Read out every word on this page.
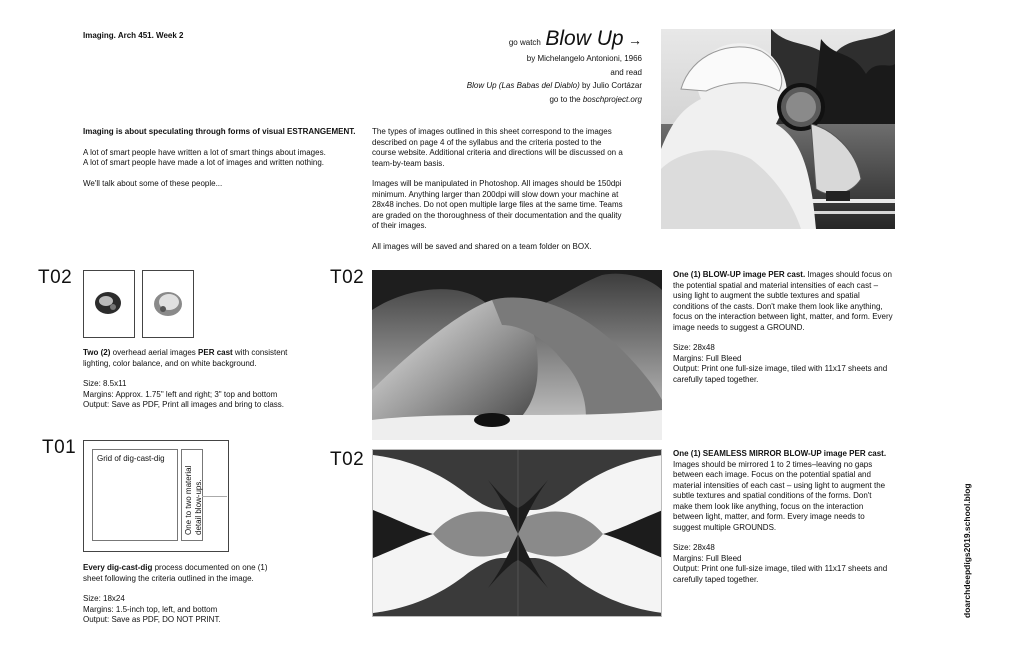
Imaging. Arch 451. Week 2
go watch Blow Up →
by Michelangelo Antonioni, 1966
and read
Blow Up (Las Babas del Diablo) by Julio Cortázar
go to the boschproject.org

Imaging is about speculating through forms of visual ESTRANGEMENT.

A lot of smart people have written a lot of smart things about images.

A lot of smart people have made a lot of images and written nothing.

We'll talk about some of these people...

The types of images outlined in this sheet correspond to the images described on page 4 of the syllabus and the criteria posted to the course website. Additional criteria and directions will be discussed on a team-by-team basis.

Images will be manipulated in Photoshop. All images should be 150dpi minimum. Anything larger than 200dpi will slow down your machine at 28x48 inches. Do not open multiple large files at the same time. Teams are graded on the thoroughness of their documentation and the quality of their images.

All images will be saved and shared on a team folder on BOX.

T02

Two (2) overhead aerial images PER cast with consistent lighting, color balance, and on white background.

Size: 8.5x11

Margins: Approx. 1.75" left and right; 3" top and bottom

Output: Save as PDF, Print all images and bring to class.

T01
Grid of dig-cast-dig
One to two material detail blow-ups.

Every dig-cast-dig process documented on one (1) sheet following the criteria outlined in the image.

Size: 18x24

Margins: 1.5-inch top, left, and bottom

Output: Save as PDF, DO NOT PRINT.

T02	One (1) BLOW-UP image PER cast. Images should focus on the potential spatial and material intensities of each cast – using light to augment the subtle textures and spatial conditions of the casts. Don't make them look like anything, focus on the interaction between light, matter, and form. Every image needs to suggest a GROUND.

Size: 28x48

Margins: Full Bleed

Output: Print one full-size image, tiled with 11x17 sheets and carefully taped together.

T02	One (1) SEAMLESS MIRROR BLOW-UP image PER cast. Images should be mirrored 1 to 2 times–leaving no gaps between each image. Focus on the potential spatial and material intensities of each cast – using light to augment the subtle textures and spatial conditions of the forms. Don't make them look like anything, focus on the interaction between light, matter, and form. Every image needs to suggest multiple GROUNDS.

Size: 28x48

Margins: Full Bleed

Output: Print one full-size image, tiled with 11x17 sheets and carefully taped together.	doarchdeepdigs2019.school.blog
